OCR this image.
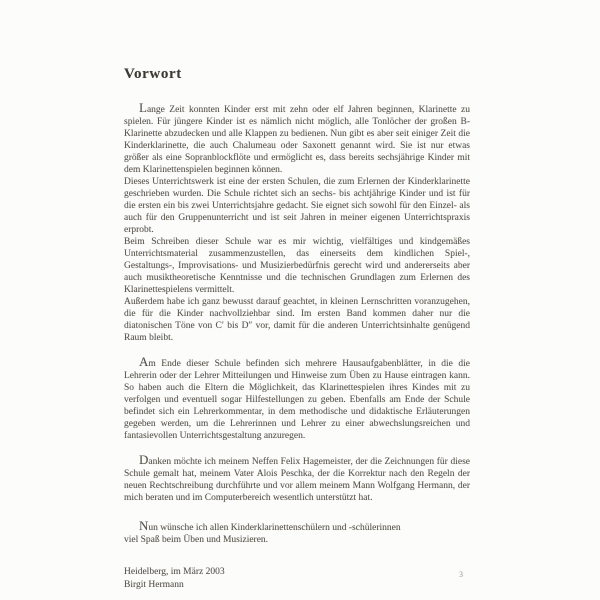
Vorwort

Lange Zeit konnten Kinder erst mit zehn oder elf Jahren beginnen, Klarinette zu spielen. Für jüngere Kinder ist es nämlich nicht möglich, alle Tonlöcher der großen B-Klarinette abzudecken und alle Klappen zu bedienen. Nun gibt es aber seit einiger Zeit die Kinderklarinette, die auch Chalumeau oder Saxonett genannt wird. Sie ist nur etwas größer als eine Sopranblockflöte und ermöglicht es, dass bereits sechsjährige Kinder mit dem Klarinettenspielen beginnen können.

Dieses Unterrichtswerk ist eine der ersten Schulen, die zum Erlernen der Kinderklarinette geschrieben wurden. Die Schule richtet sich an sechs- bis achtjährige Kinder und ist für die ersten ein bis zwei Unterrichtsjahre gedacht. Sie eignet sich sowohl für den Einzel- als auch für den Gruppenunterricht und ist seit Jahren in meiner eigenen Unterrichtspraxis erprobt.

Beim Schreiben dieser Schule war es mir wichtig, vielfältiges und kindgemäßes Unterrichtsmaterial zusammenzustellen, das einerseits dem kindlichen Spiel-, Gestaltungs-, Improvisations- und Musizierbedürfnis gerecht wird und andererseits aber auch musiktheoretische Kenntnisse und die technischen Grundlagen zum Erlernen des Klarinettespielens vermittelt.

Außerdem habe ich ganz bewusst darauf geachtet, in kleinen Lernschritten voranzugehen, die für die Kinder nachvollziehbar sind. Im ersten Band kommen daher nur die diatonischen Töne von C′ bis D″ vor, damit für die anderen Unterrichtsinhalte genügend Raum bleibt.

Am Ende dieser Schule befinden sich mehrere Hausaufgabenblätter, in die die Lehrerin oder der Lehrer Mitteilungen und Hinweise zum Üben zu Hause eintragen kann. So haben auch die Eltern die Möglichkeit, das Klarinettespielen ihres Kindes mit zu verfolgen und eventuell sogar Hilfestellungen zu geben. Ebenfalls am Ende der Schule befindet sich ein Lehrerkommentar, in dem methodische und didaktische Erläuterungen gegeben werden, um die Lehrerinnen und Lehrer zu einer abwechslungsreichen und fantasievollen Unterrichtsgestaltung anzuregen.

Danken möchte ich meinem Neffen Felix Hagemeister, der die Zeichnungen für diese Schule gemalt hat, meinem Vater Alois Peschka, der die Korrektur nach den Regeln der neuen Rechtschreibung durchführte und vor allem meinem Mann Wolfgang Hermann, der mich beraten und im Computerbereich wesentlich unterstützt hat.

Nun wünsche ich allen Kinderklarinettenschülern und -schülerinnen

viel Spaß beim Üben und Musizieren.

Heidelberg, im März 2003
Birgit Hermann
3
